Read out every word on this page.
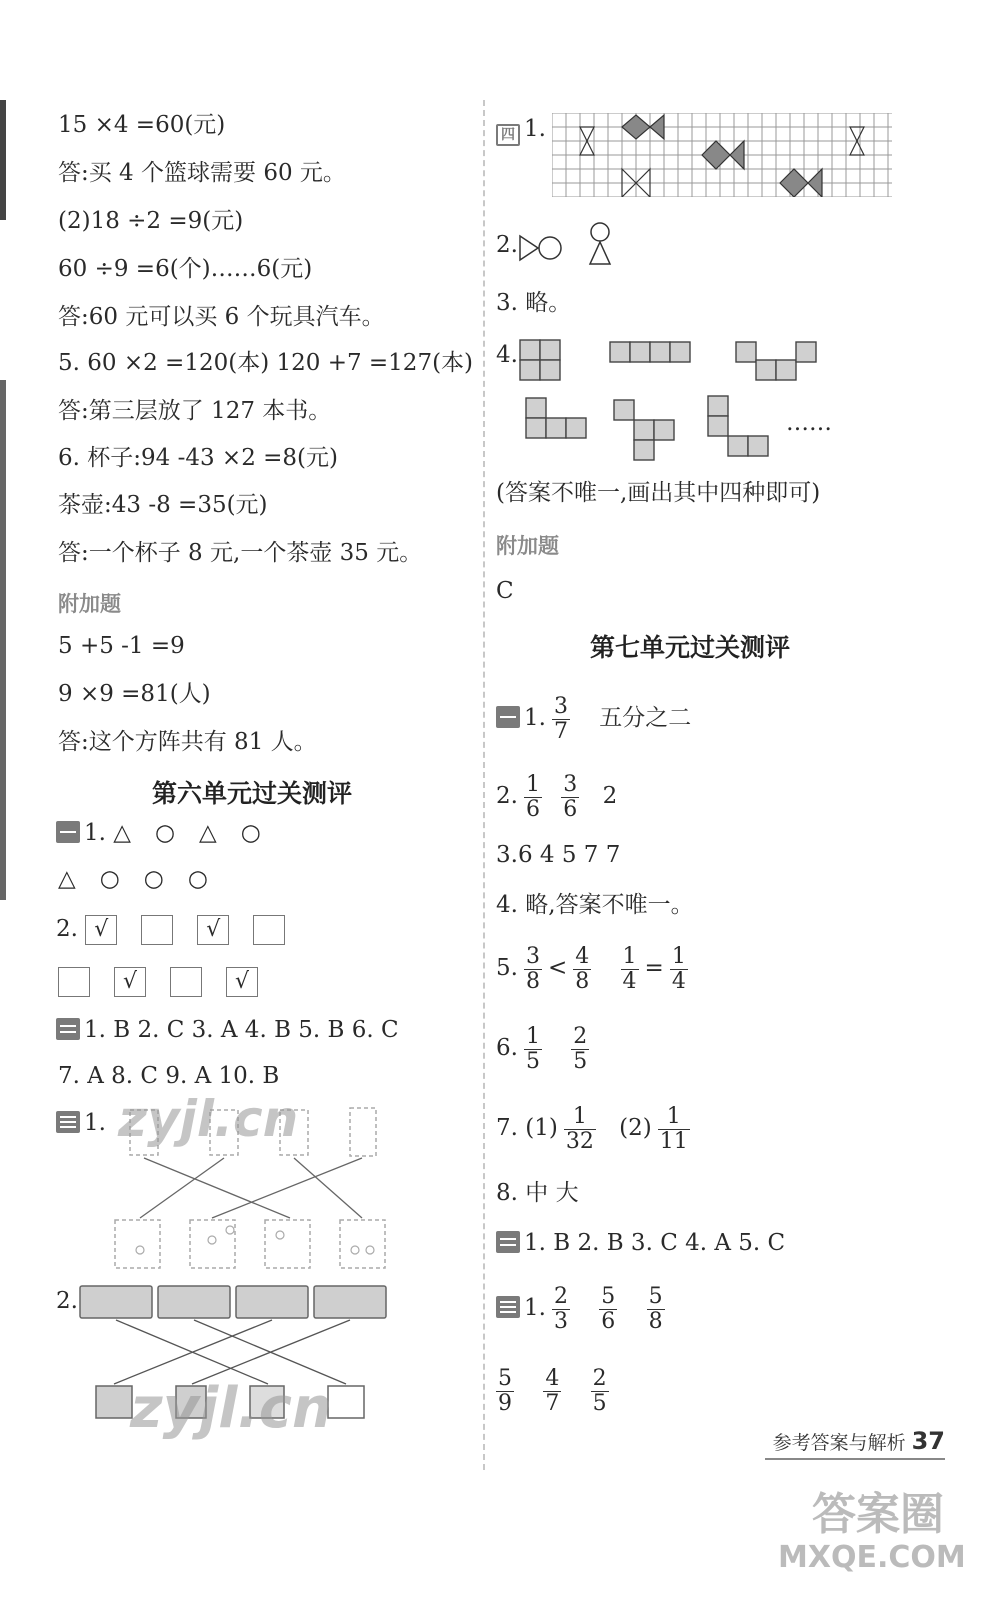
15 ×4 =60(元)
答:买 4 个篮球需要 60 元。
(2)18 ÷2 =9(元)
60 ÷9 =6(个)……6(元)
答:60 元可以买 6 个玩具汽车。
5. 60 ×2 =120(本) 120 +7 =127(本)
答:第三层放了 127 本书。
6. 杯子:94 -43 ×2 =8(元)
茶壶:43 -8 =35(元)
答:一个杯子 8 元,一个茶壶 35 元。
附加题
5 +5 -1 =9
9 ×9 =81(人)
答:这个方阵共有 81 人。
第六单元过关测评
1. △ ○ △ ○
△ ○ ○ ○
2. √	√
√	√
1. B 2. C 3. A 4. B 5. B 6. C
7. A 8. C 9. A 10. B
1.
2.
四 1.
2.
3. 略。
4.
……
(答案不唯一,画出其中四种即可)
附加题
C
第七单元过关测评
1. $\frac{3}{7}$ 五分之二
2. $\frac{1}{6}$
$\frac{3}{6} 2$
3.6 4 5 7 7
4. 略,答案不唯一。
5. $\frac{3}{8} < \frac{4}{8}$
$\frac{1}{4} = \frac{1}{4}$
6. $\frac{1}{5}$
$\frac{2}{5}$
7. $(1) \frac{1}{32} (2) \frac{1}{11}$
8. 中 大
1. B 2. B 3. C 4. A 5. C
1. $\frac{2}{3}$
$\frac{5}{6}$
$\frac{5}{8}$
$\frac{5}{9}$
$\frac{4}{7}$
$\frac{2}{5}$
参考答案与解析 37
zyjl.cn
zyjl.cn
答案圈
MXQE.COM
